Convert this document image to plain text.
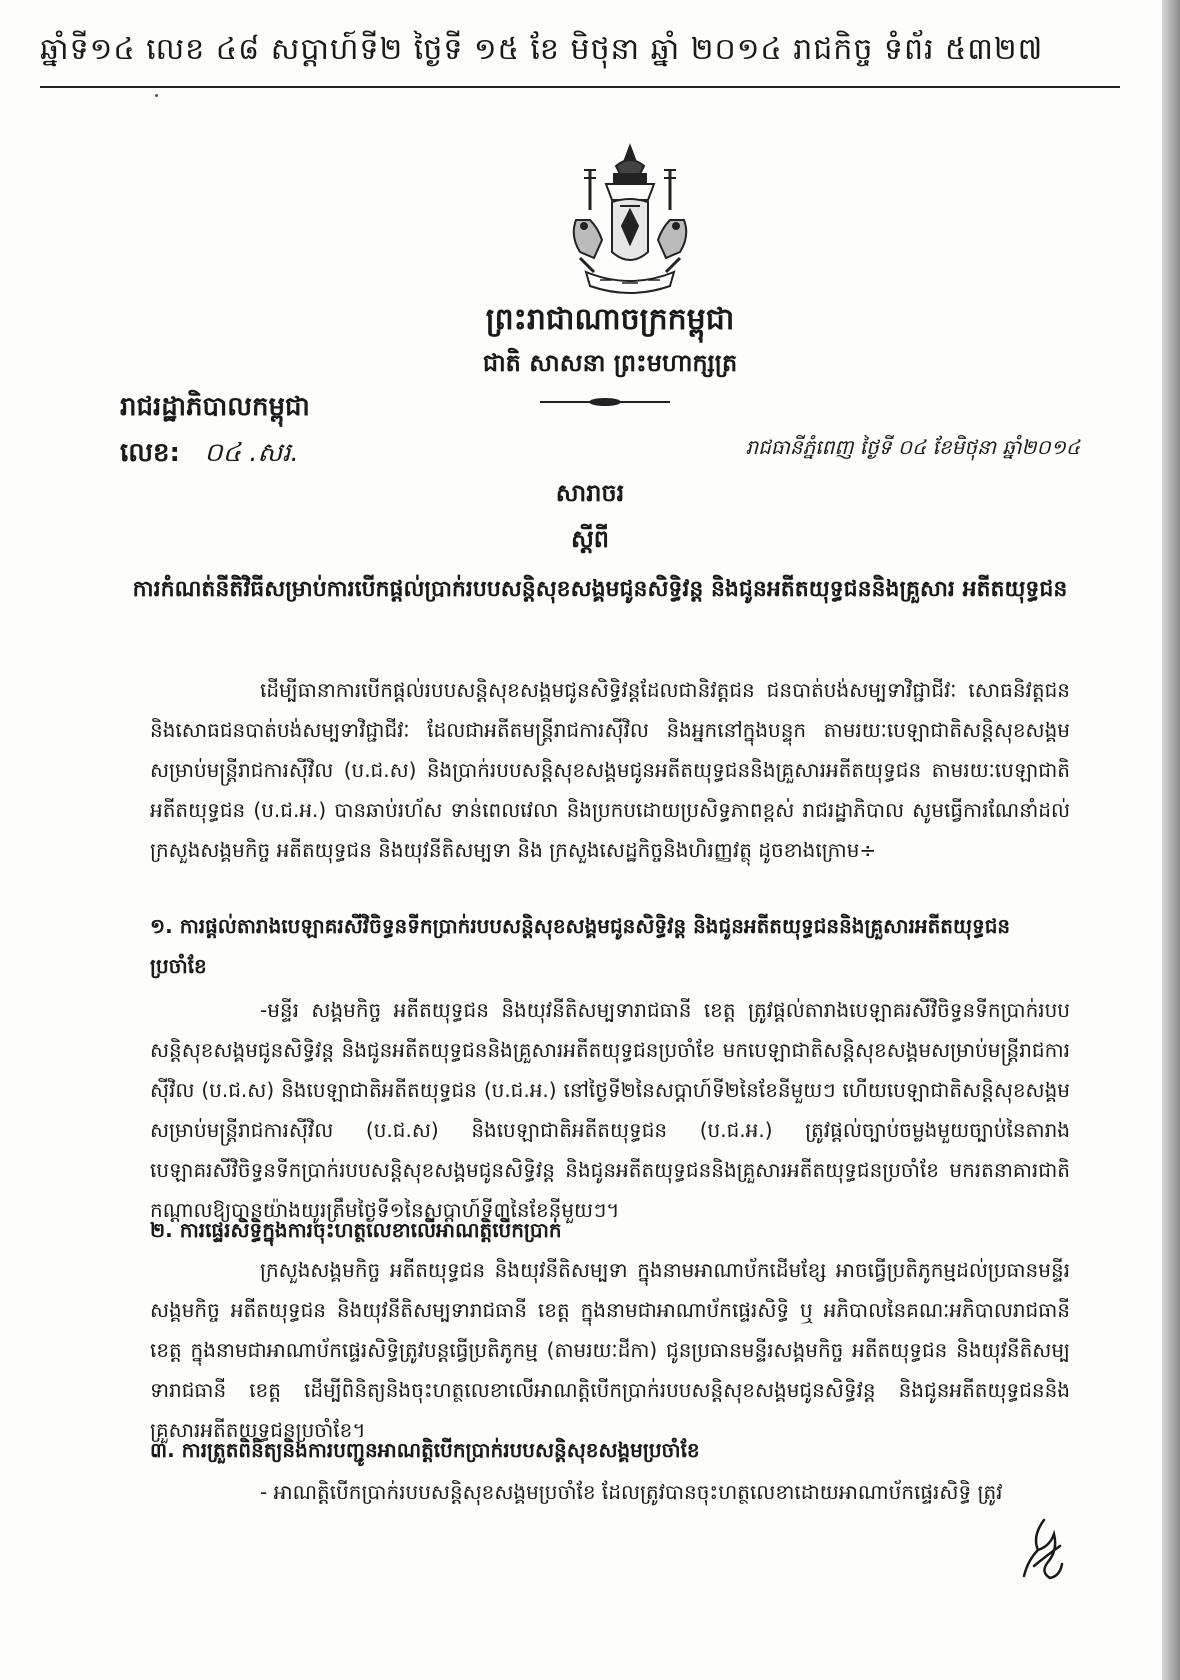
ឆ្នាំទី១៤ លេខ ៤៨ សប្តាហ៍ទី២ ថ្ងៃទី ១៥ ខែ មិថុនា ឆ្នាំ ២០១៤ រាជកិច្ច ទំព័រ ៥៣២៧
ព្រះរាជាណាចក្រកម្ពុជា
ជាតិ សាសនា ព្រះមហាក្សត្រ
រាជរដ្ឋាភិបាលកម្ពុជា
លេខ: ០៤ .សរ.	រាជធានីភ្នំពេញ ថ្ងៃទី ០៤ ខែមិថុនា ឆ្នាំ២០១៤
សារាចរ
ស្តីពី
ការកំណត់នីតិវិធីសម្រាប់ការបើកផ្តល់ប្រាក់របបសន្តិសុខសង្គមជូនសិទ្ធិវន្ត និងជូនអតីតយុទ្ធជននិងគ្រួសារ អតីតយុទ្ធជន
ដើម្បីធានាការបើកផ្តល់របបសន្តិសុខសង្គមជូនសិទ្ធិវន្តដែលជានិវត្តជន ជនបាត់បង់សម្បទាវិជ្ជាជីវៈ សោធនិវត្តជន និងសោធជនបាត់បង់សម្បទាវិជ្ជាជីវៈ ដែលជាអតីតមន្ត្រីរាជការស៊ីវិល និងអ្នកនៅក្នុងបន្ទុក តាមរយៈបេឡាជាតិសន្តិសុខសង្គមសម្រាប់មន្ត្រីរាជការស៊ីវិល (ប.ជ.ស) និងប្រាក់របបសន្តិសុខសង្គមជូនអតីតយុទ្ធជននិងគ្រួសារអតីតយុទ្ធជន តាមរយៈបេឡាជាតិអតីតយុទ្ធជន (ប.ជ.អ.) បានឆាប់រហ័ស ទាន់ពេលវេលា និងប្រកបដោយប្រសិទ្ធភាពខ្ពស់ រាជរដ្ឋាភិបាល សូមធ្វើការណែនាំដល់ក្រសួងសង្គមកិច្ច អតីតយុទ្ធជន និងយុវនីតិសម្បទា និង ក្រសួងសេដ្ឋកិច្ចនិងហិរញ្ញវត្ថុ ដូចខាងក្រោម÷
១. ការផ្តល់តារាងបេឡាគរសីវិចិទ្ធនទីកប្រាក់របបសន្តិសុខសង្គមជូនសិទ្ធិវន្ត និងជូនអតីតយុទ្ធជននិងគ្រួសារអតីតយុទ្ធជន ប្រចាំខែ
-មន្ទីរ សង្គមកិច្ច អតីតយុទ្ធជន និងយុវនីតិសម្បទារាជធានី ខេត្ត ត្រូវផ្តល់តារាងបេឡាគរសីវិចិទ្ធនទីកប្រាក់របបសន្តិសុខសង្គមជូនសិទ្ធិវន្ត និងជូនអតីតយុទ្ធជននិងគ្រួសារអតីតយុទ្ធជនប្រចាំខែ មកបេឡាជាតិសន្តិសុខសង្គមសម្រាប់មន្ត្រីរាជការស៊ីវិល (ប.ជ.ស) និងបេឡាជាតិអតីតយុទ្ធជន (ប.ជ.អ.) នៅថ្ងៃទី២នៃសប្តាហ៍ទី២នៃខែនីមួយៗ ហើយបេឡាជាតិសន្តិសុខសង្គមសម្រាប់មន្ត្រីរាជការស៊ីវិល (ប.ជ.ស) និងបេឡាជាតិអតីតយុទ្ធជន (ប.ជ.អ.) ត្រូវផ្តល់ច្បាប់ចម្លងមួយច្បាប់នៃតារាងបេឡាគរសីវិចិទ្ធនទីកប្រាក់របបសន្តិសុខសង្គមជូនសិទ្ធិវន្ត និងជូនអតីតយុទ្ធជននិងគ្រួសារអតីតយុទ្ធជនប្រចាំខែ មករតនាគារជាតិកណ្តាលឱ្យបានយ៉ាងយូរត្រឹមថ្ងៃទី១នៃសប្តាហ៍ទី៣នៃខែនីមួយៗ។
២. ការផ្ទេរសិទ្ធិក្នុងការចុះហត្ថលេខាលើអាណត្តិបើកប្រាក់
ក្រសួងសង្គមកិច្ច អតីតយុទ្ធជន និងយុវនីតិសម្បទា ក្នុងនាមអាណាប័កដើមខ្សែ អាចធ្វើប្រតិភូកម្មដល់ប្រធានមន្ទីរសង្គមកិច្ច អតីតយុទ្ធជន និងយុវនីតិសម្បទារាជធានី ខេត្ត ក្នុងនាមជាអាណាប័កផ្ទេរសិទ្ធិ ឬ អភិបាលនៃគណៈអភិបាលរាជធានី ខេត្ត ក្នុងនាមជាអាណាប័កផ្ទេរសិទ្ធិត្រូវបន្តធ្វើប្រតិភូកម្ម (តាមរយៈដីកា) ជូនប្រធានមន្ទីរសង្គមកិច្ច អតីតយុទ្ធជន និងយុវនីតិសម្បទារាជធានី ខេត្ត ដើម្បីពិនិត្យនិងចុះហត្ថលេខាលើអាណត្តិបើកប្រាក់របបសន្តិសុខសង្គមជូនសិទ្ធិវន្ត និងជូនអតីតយុទ្ធជននិងគ្រួសារអតីតយុទ្ធជនប្រចាំខែ។
៣. ការត្រួតពិនិត្យនិងការបញ្ជូនអាណត្តិបើកប្រាក់របបសន្តិសុខសង្គមប្រចាំខែ
- អាណត្តិបើកប្រាក់របបសន្តិសុខសង្គមប្រចាំខែ ដែលត្រូវបានចុះហត្ថលេខាដោយអាណាប័កផ្ទេរសិទ្ធិ ត្រូវ
